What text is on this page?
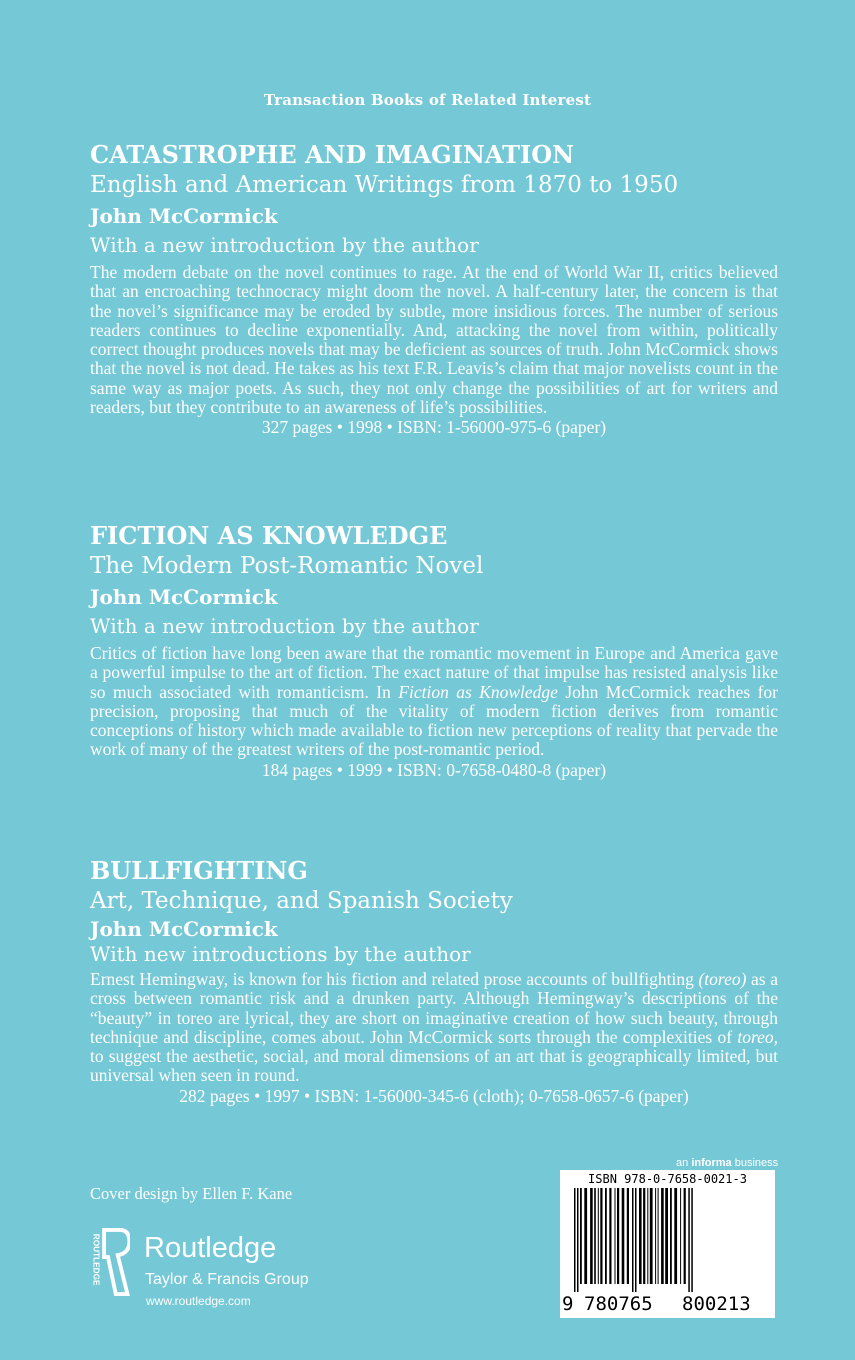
Transaction Books of Related Interest
CATASTROPHE AND IMAGINATION
English and American Writings from 1870 to 1950
John McCormick
With a new introduction by the author
The modern debate on the novel continues to rage. At the end of World War II, critics believed that an encroaching technocracy might doom the novel. A half-century later, the concern is that the novel’s significance may be eroded by subtle, more insidious forces. The number of serious readers continues to decline exponentially. And, attacking the novel from within, politically correct thought produces novels that may be deficient as sources of truth. John McCormick shows that the novel is not dead. He takes as his text F.R. Leavis’s claim that major novelists count in the same way as major poets. As such, they not only change the possibilities of art for writers and readers, but they contribute to an awareness of life’s possibilities.
327 pages • 1998 • ISBN: 1-56000-975-6 (paper)
FICTION AS KNOWLEDGE
The Modern Post-Romantic Novel
John McCormick
With a new introduction by the author
Critics of fiction have long been aware that the romantic movement in Europe and America gave a powerful impulse to the art of fiction. The exact nature of that impulse has resisted analysis like so much associated with romanticism. In Fiction as Knowledge John McCormick reaches for precision, proposing that much of the vitality of modern fiction derives from romantic conceptions of history which made available to fiction new perceptions of reality that pervade the work of many of the greatest writers of the post-romantic period.
184 pages • 1999 • ISBN: 0-7658-0480-8 (paper)
BULLFIGHTING
Art, Technique, and Spanish Society
John McCormick
With new introductions by the author
Ernest Hemingway, is known for his fiction and related prose accounts of bullfighting (toreo) as a cross between romantic risk and a drunken party. Although Hemingway’s descriptions of the “beauty” in toreo are lyrical, they are short on imaginative creation of how such beauty, through technique and discipline, comes about. John McCormick sorts through the complexities of toreo, to suggest the aesthetic, social, and moral dimensions of an art that is geographically limited, but universal when seen in round.
282 pages • 1997 • ISBN: 1-56000-345-6 (cloth); 0-7658-0657-6 (paper)
Cover design by Ellen F. Kane
ROUTLEDGE Routledge
Taylor & Francis Group
www.routledge.com
an informa business
ISBN 978-0-7658-0021-3
9 780765 800213
